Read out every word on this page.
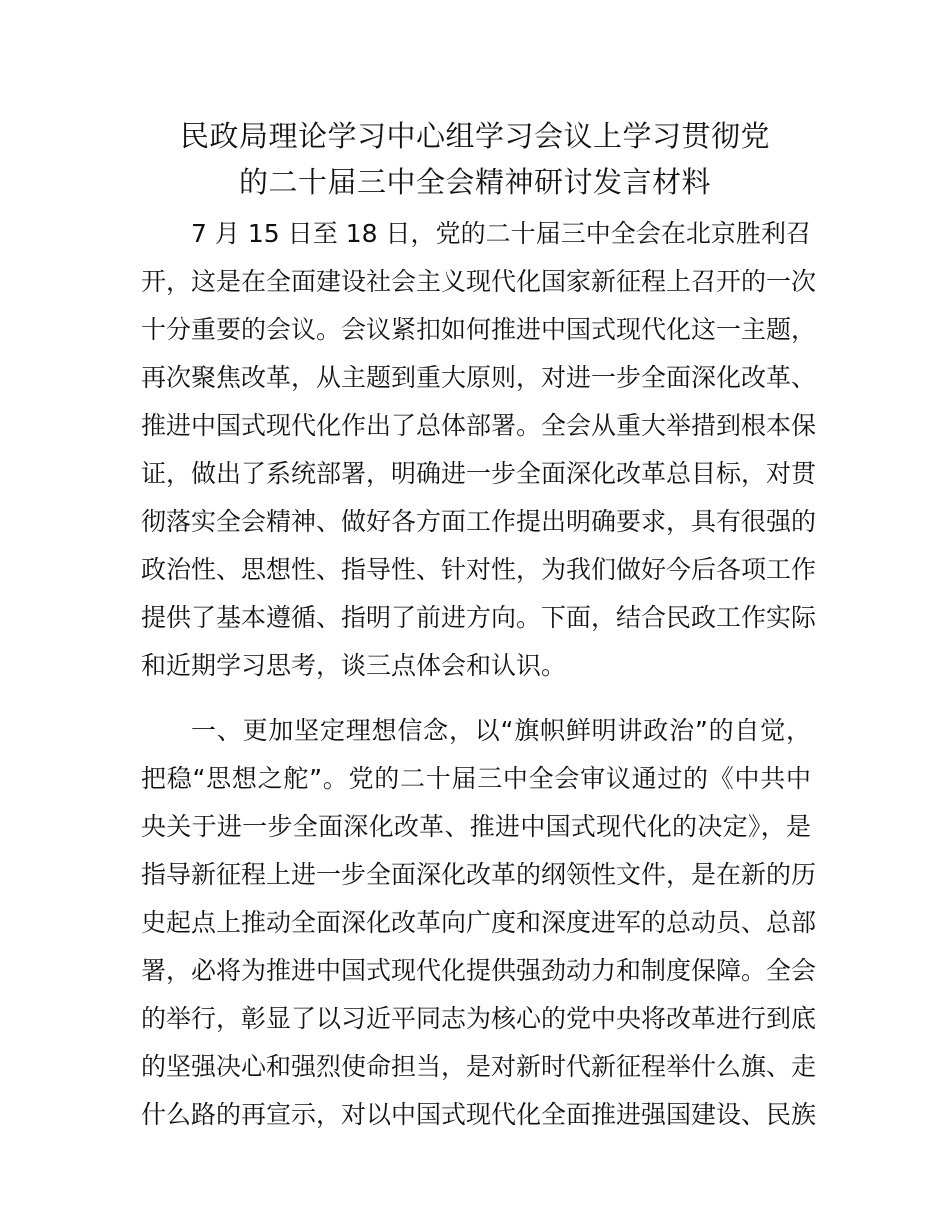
民政局理论学习中心组学习会议上学习贯彻党
的二十届三中全会精神研讨发言材料
7 月 15 日至 18 日，党的二十届三中全会在北京胜利召
开，这是在全面建设社会主义现代化国家新征程上召开的一次
十分重要的会议。会议紧扣如何推进中国式现代化这一主题，
再次聚焦改革，从主题到重大原则，对进一步全面深化改革、
推进中国式现代化作出了总体部署。全会从重大举措到根本保
证，做出了系统部署，明确进一步全面深化改革总目标，对贯
彻落实全会精神、做好各方面工作提出明确要求，具有很强的
政治性、思想性、指导性、针对性，为我们做好今后各项工作
提供了基本遵循、指明了前进方向。下面，结合民政工作实际
和近期学习思考，谈三点体会和认识。
一、更加坚定理想信念，以“旗帜鲜明讲政治”的自觉，
把稳“思想之舵”。党的二十届三中全会审议通过的《中共中
央关于进一步全面深化改革、推进中国式现代化的决定》，是
指导新征程上进一步全面深化改革的纲领性文件，是在新的历
史起点上推动全面深化改革向广度和深度进军的总动员、总部
署，必将为推进中国式现代化提供强劲动力和制度保障。全会
的举行，彰显了以习近平同志为核心的党中央将改革进行到底
的坚强决心和强烈使命担当，是对新时代新征程举什么旗、走
什么路的再宣示，对以中国式现代化全面推进强国建设、民族
